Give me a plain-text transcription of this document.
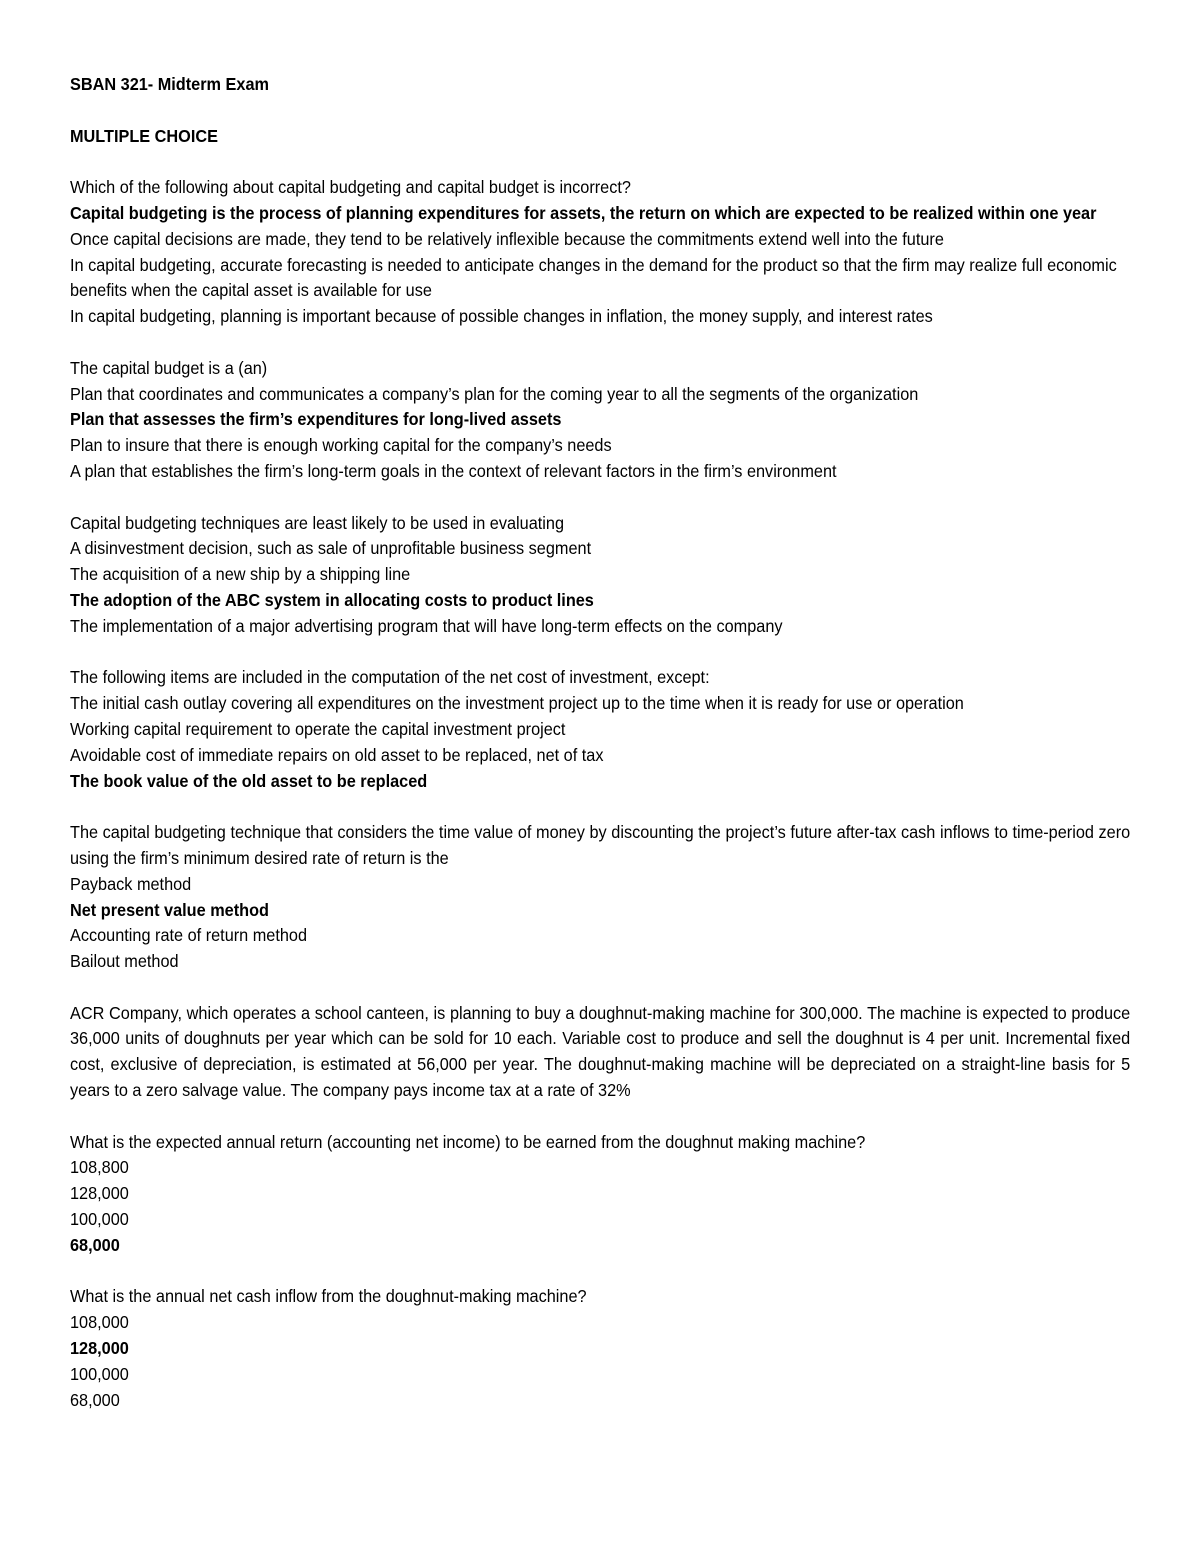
SBAN 321- Midterm Exam

MULTIPLE CHOICE

Which of the following about capital budgeting and capital budget is incorrect?

Capital budgeting is the process of planning expenditures for assets, the return on which are expected to be realized within one year

Once capital decisions are made, they tend to be relatively inflexible because the commitments extend well into the future

In capital budgeting, accurate forecasting is needed to anticipate changes in the demand for the product so that the firm may realize full economic benefits when the capital asset is available for use

In capital budgeting, planning is important because of possible changes in inflation, the money supply, and interest rates

The capital budget is a (an)

Plan that coordinates and communicates a company’s plan for the coming year to all the segments of the organization

Plan that assesses the firm’s expenditures for long-lived assets

Plan to insure that there is enough working capital for the company’s needs

A plan that establishes the firm’s long-term goals in the context of relevant factors in the firm’s environment

Capital budgeting techniques are least likely to be used in evaluating

A disinvestment decision, such as sale of unprofitable business segment

The acquisition of a new ship by a shipping line

The adoption of the ABC system in allocating costs to product lines

The implementation of a major advertising program that will have long-term effects on the company

The following items are included in the computation of the net cost of investment, except:

The initial cash outlay covering all expenditures on the investment project up to the time when it is ready for use or operation

Working capital requirement to operate the capital investment project

Avoidable cost of immediate repairs on old asset to be replaced, net of tax

The book value of the old asset to be replaced

The capital budgeting technique that considers the time value of money by discounting the project’s future after-tax cash inflows to time-period zero using the firm’s minimum desired rate of return is the

Payback method

Net present value method

Accounting rate of return method

Bailout method

ACR Company, which operates a school canteen, is planning to buy a doughnut-making machine for 300,000. The machine is expected to produce 36,000 units of doughnuts per year which can be sold for 10 each. Variable cost to produce and sell the doughnut is 4 per unit. Incremental fixed cost, exclusive of depreciation, is estimated at 56,000 per year. The doughnut-making machine will be depreciated on a straight-line basis for 5 years to a zero salvage value. The company pays income tax at a rate of 32%

What is the expected annual return (accounting net income) to be earned from the doughnut making machine?

108,800

128,000

100,000

68,000

What is the annual net cash inflow from the doughnut-making machine?

108,000

128,000

100,000

68,000
